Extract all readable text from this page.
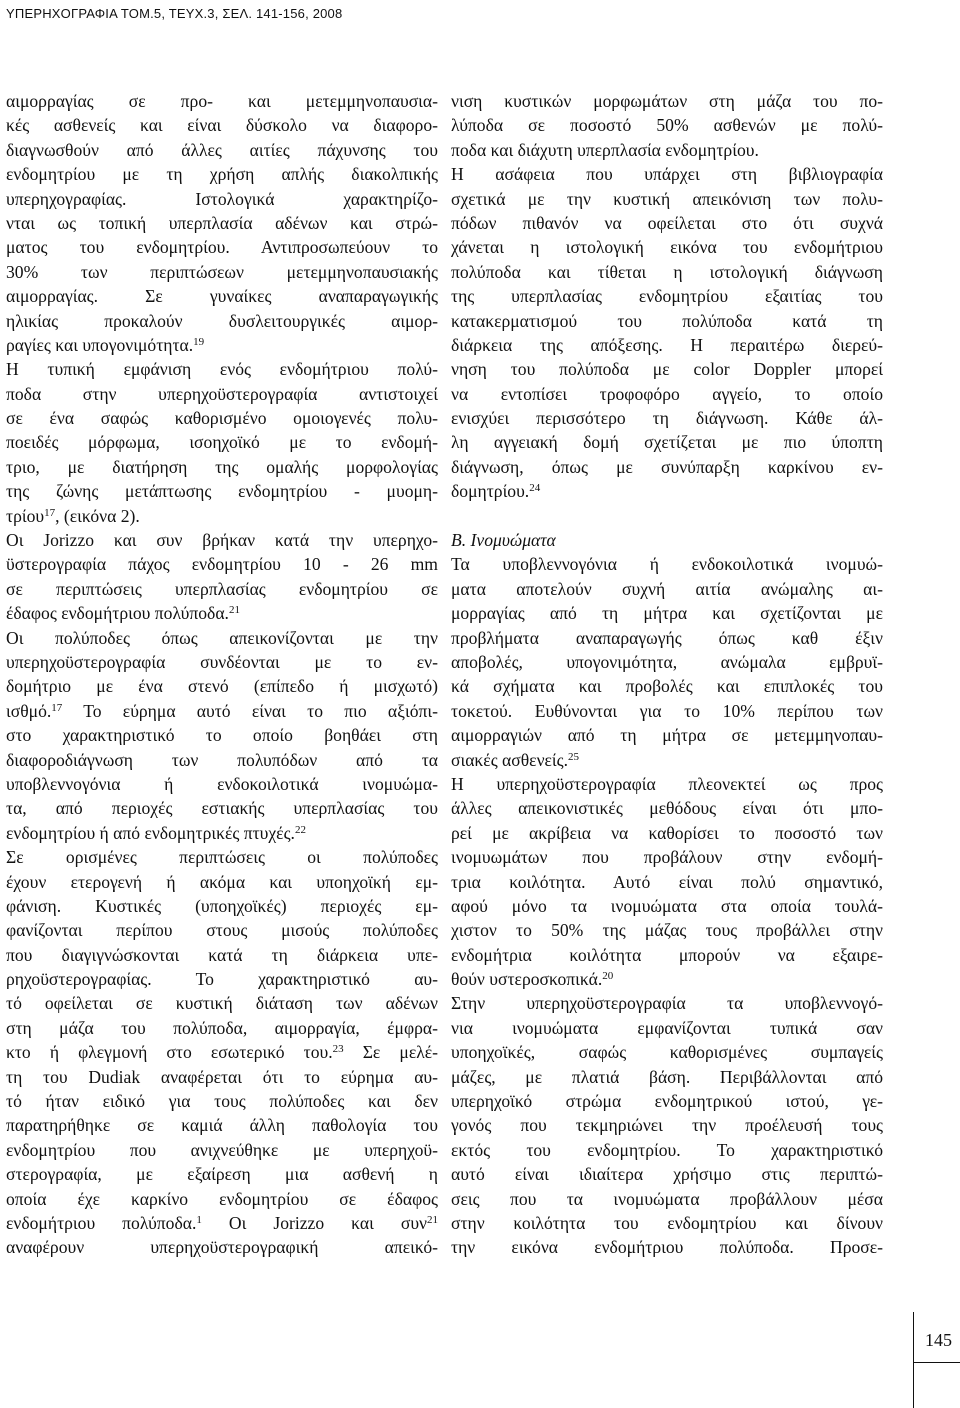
ΥΠΕΡΗΧΟΓΡΑΦΙΑ ΤΟΜ.5, ΤΕΥΧ.3, ΣΕΛ. 141-156, 2008
αιμορραγίας σε προ- και μετεμμηνοπαυσια-
κές ασθενείς και είναι δύσκολο να διαφορο-
διαγνωσθούν από άλλες αιτίες πάχυνσης του
ενδομητρίου με τη χρήση απλής διακολπικής
υπερηχογραφίας. Ιστολογικά χαρακτηρίζο-
νται ως τοπική υπερπλασία αδένων και στρώ-
ματος του ενδομητρίου. Αντιπροσωπεύουν το
30% των περιπτώσεων μετεμμηνοπαυσιακής
αιμορραγίας. Σε γυναίκες αναπαραγωγικής
ηλικίας προκαλούν δυσλειτουργικές αιμορ-
ραγίες και υπογονιμότητα.$^{19}$
Η τυπική εμφάνιση ενός ενδομήτριου πολύ-
ποδα στην υπερηχοϋστερογραφία αντιστοιχεί
σε ένα σαφώς καθορισμένο ομοιογενές πολυ-
ποειδές μόρφωμα, ισοηχοϊκό με το ενδομή-
τριο, με διατήρηση της ομαλής μορφολογίας
της ζώνης μετάπτωσης ενδομητρίου - μυομη-
τρίου$^{17}$, (εικόνα 2).
Οι Jorizzo και συν βρήκαν κατά την υπερηχο-
ϋστερογραφία πάχος ενδομητρίου 10 - 26 mm
σε περιπτώσεις υπερπλασίας ενδομητρίου σε
έδαφος ενδομήτριου πολύποδα.$^{21}$
Οι πολύποδες όπως απεικονίζονται με την
υπερηχοϋστερογραφία συνδέονται με το εν-
δομήτριο με ένα στενό (επίπεδο ή μισχωτό)
ισθμό.$^{17}$ Το εύρημα αυτό είναι το πιο αξιόπι-
στο χαρακτηριστικό το οποίο βοηθάει στη
διαφοροδιάγνωση των πολυπόδων από τα
υποβλεννογόνια ή ενδοκοιλοτικά ινομυώμα-
τα, από περιοχές εστιακής υπερπλασίας του
ενδομητρίου ή από ενδομητρικές πτυχές.$^{22}$
Σε ορισμένες περιπτώσεις οι πολύποδες
έχουν ετερογενή ή ακόμα και υποηχοϊκή εμ-
φάνιση. Κυστικές (υποηχοϊκές) περιοχές εμ-
φανίζονται περίπου στους μισούς πολύποδες
που διαγιγνώσκονται κατά τη διάρκεια υπε-
ρηχοϋστερογραφίας. Το χαρακτηριστικό αυ-
τό οφείλεται σε κυστική διάταση των αδένων
στη μάζα του πολύποδα, αιμορραγία, έμφρα-
κτο ή φλεγμονή στο εσωτερικό του.$^{23}$ Σε μελέ-
τη του Dudiak αναφέρεται ότι το εύρημα αυ-
τό ήταν ειδικό για τους πολύποδες και δεν
παρατηρήθηκε σε καμιά άλλη παθολογία του
ενδομητρίου που ανιχνεύθηκε με υπερηχοϋ-
στερογραφία, με εξαίρεση μια ασθενή η
οποία έχε καρκίνο ενδομητρίου σε έδαφος
ενδομήτριου πολύποδα.$^1$ Οι Jorizzo και συν$^{21}$
αναφέρουν υπερηχοϋστερογραφική απεικό-
νιση κυστικών μορφωμάτων στη μάζα του πο-
λύποδα σε ποσοστό 50% ασθενών με πολύ-
ποδα και διάχυτη υπερπλασία ενδομητρίου.
Η ασάφεια που υπάρχει στη βιβλιογραφία
σχετικά με την κυστική απεικόνιση των πολυ-
πόδων πιθανόν να οφείλεται στο ότι συχνά
χάνεται η ιστολογική εικόνα του ενδομήτριου
πολύποδα και τίθεται η ιστολογική διάγνωση
της υπερπλασίας ενδομητρίου εξαιτίας του
κατακερματισμού του πολύποδα κατά τη
διάρκεια της απόξεσης. Η περαιτέρω διερεύ-
νηση του πολύποδα με color Doppler μπορεί
να εντοπίσει τροφοφόρο αγγείο, το οποίο
ενισχύει περισσότερο τη διάγνωση. Κάθε άλ-
λη αγγειακή δομή σχετίζεται με πιο ύποπτη
διάγνωση, όπως με συνύπαρξη καρκίνου εν-
δομητρίου.$^{24}$
Β. Ινομυώματα
Τα υποβλεννογόνια ή ενδοκοιλοτικά ινομυώ-
ματα αποτελούν συχνή αιτία ανώμαλης αι-
μορραγίας από τη μήτρα και σχετίζονται με
προβλήματα αναπαραγωγής όπως καθ έξιν
αποβολές, υπογονιμότητα, ανώμαλα εμβρυϊ-
κά σχήματα και προβολές και επιπλοκές του
τοκετού. Ευθύνονται για το 10% περίπου των
αιμορραγιών από τη μήτρα σε μετεμμηνοπαυ-
σιακές ασθενείς.$^{25}$
Η υπερηχοϋστερογραφία πλεονεκτεί ως προς
άλλες απεικονιστικές μεθόδους είναι ότι μπο-
ρεί με ακρίβεια να καθορίσει το ποσοστό των
ινομυωμάτων που προβάλουν στην ενδομή-
τρια κοιλότητα. Αυτό είναι πολύ σημαντικό,
αφού μόνο τα ινομυώματα στα οποία τουλά-
χιστον το 50% της μάζας τους προβάλλει στην
ενδομήτρια κοιλότητα μπορούν να εξαιρε-
θούν υστεροσκοπικά.$^{20}$
Στην υπερηχοϋστερογραφία τα υποβλεννογό-
νια ινομυώματα εμφανίζονται τυπικά σαν
υποηχοϊκές, σαφώς καθορισμένες συμπαγείς
μάζες, με πλατιά βάση. Περιβάλλονται από
υπερηχοϊκό στρώμα ενδομητρικού ιστού, γε-
γονός που τεκμηριώνει την προέλευσή τους
εκτός του ενδομητρίου. Το χαρακτηριστικό
αυτό είναι ιδιαίτερα χρήσιμο στις περιπτώ-
σεις που τα ινομυώματα προβάλλουν μέσα
στην κοιλότητα του ενδομητρίου και δίνουν
την εικόνα ενδομήτριου πολύποδα. Προσε-
145
